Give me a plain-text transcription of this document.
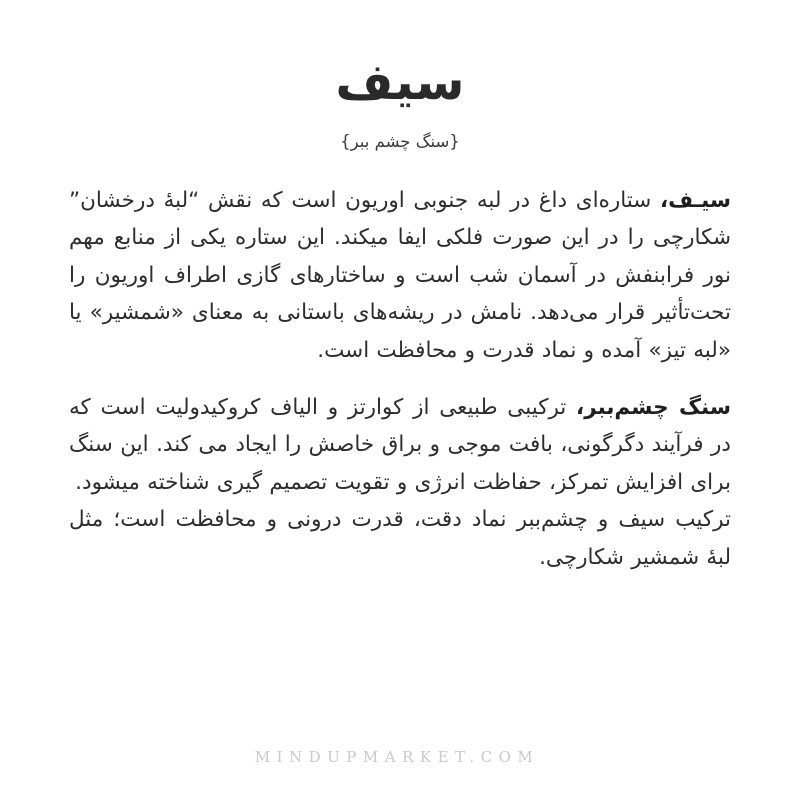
سیف
{سنگ چشم ببر}

سیـف، ستاره‌ای داغ در لبه جنوبی اوریون است که نقش “لبهٔ درخشان” شکارچی را در این صورت فلکی ایفا میکند. این ستاره یکی از منابع مهم نور فرابنفش در آسمان شب است و ساختارهای گازی اطراف اوریون را تحت‌تأثیر قرار می‌دهد. نامش در ریشه‌های باستانی به معنای «شمشیر» یا «لبه تیز» آمده و نماد قدرت و محافظت است.

سنگ چشم‌ببر، ترکیبی طبیعی از کوارتز و الیاف کروکیدولیت است که در فرآیند دگرگونی، بافت موجی و براق خاصش را ایجاد می کند. این سنگ برای افزایش تمرکز، حفاظت انرژی و تقویت تصمیم گیری شناخته میشود.

ترکیب سیف و چشم‌ببر نماد دقت، قدرت درونی و محافظت است؛ مثل لبهٔ شمشیر شکارچی.

MINDUPMARKET.COM
